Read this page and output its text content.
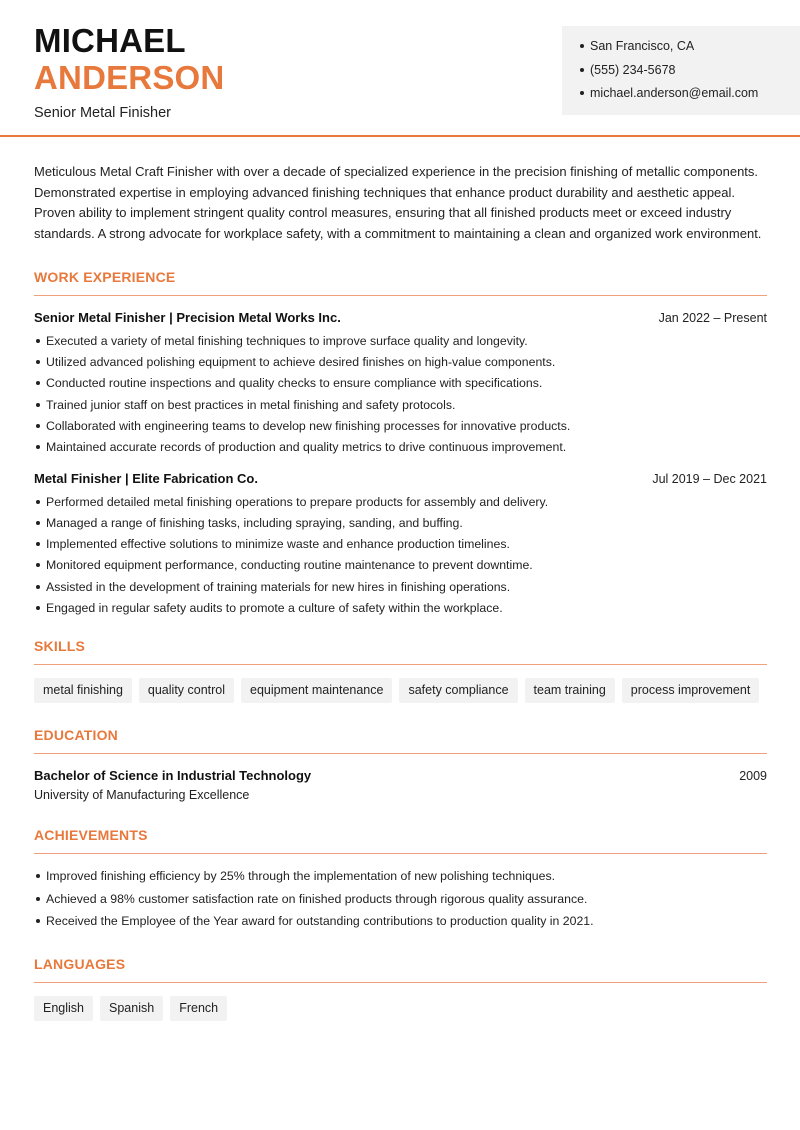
MICHAEL
ANDERSON
Senior Metal Finisher
San Francisco, CA
(555) 234-5678
michael.anderson@email.com

Meticulous Metal Craft Finisher with over a decade of specialized experience in the precision finishing of metallic components. Demonstrated expertise in employing advanced finishing techniques that enhance product durability and aesthetic appeal. Proven ability to implement stringent quality control measures, ensuring that all finished products meet or exceed industry standards. A strong advocate for workplace safety, with a commitment to maintaining a clean and organized work environment.

WORK EXPERIENCE
Senior Metal Finisher | Precision Metal Works Inc.	Jan 2022 – Present
Executed a variety of metal finishing techniques to improve surface quality and longevity.
Utilized advanced polishing equipment to achieve desired finishes on high-value components.
Conducted routine inspections and quality checks to ensure compliance with specifications.
Trained junior staff on best practices in metal finishing and safety protocols.
Collaborated with engineering teams to develop new finishing processes for innovative products.
Maintained accurate records of production and quality metrics to drive continuous improvement.
Metal Finisher | Elite Fabrication Co.	Jul 2019 – Dec 2021
Performed detailed metal finishing operations to prepare products for assembly and delivery.
Managed a range of finishing tasks, including spraying, sanding, and buffing.
Implemented effective solutions to minimize waste and enhance production timelines.
Monitored equipment performance, conducting routine maintenance to prevent downtime.
Assisted in the development of training materials for new hires in finishing operations.
Engaged in regular safety audits to promote a culture of safety within the workplace.
SKILLS
metal finishing	quality control	equipment maintenance	safety compliance	team training	process improvement
EDUCATION
Bachelor of Science in Industrial Technology	2009
University of Manufacturing Excellence
ACHIEVEMENTS
Improved finishing efficiency by 25% through the implementation of new polishing techniques.
Achieved a 98% customer satisfaction rate on finished products through rigorous quality assurance.
Received the Employee of the Year award for outstanding contributions to production quality in 2021.
LANGUAGES
English	Spanish	French
